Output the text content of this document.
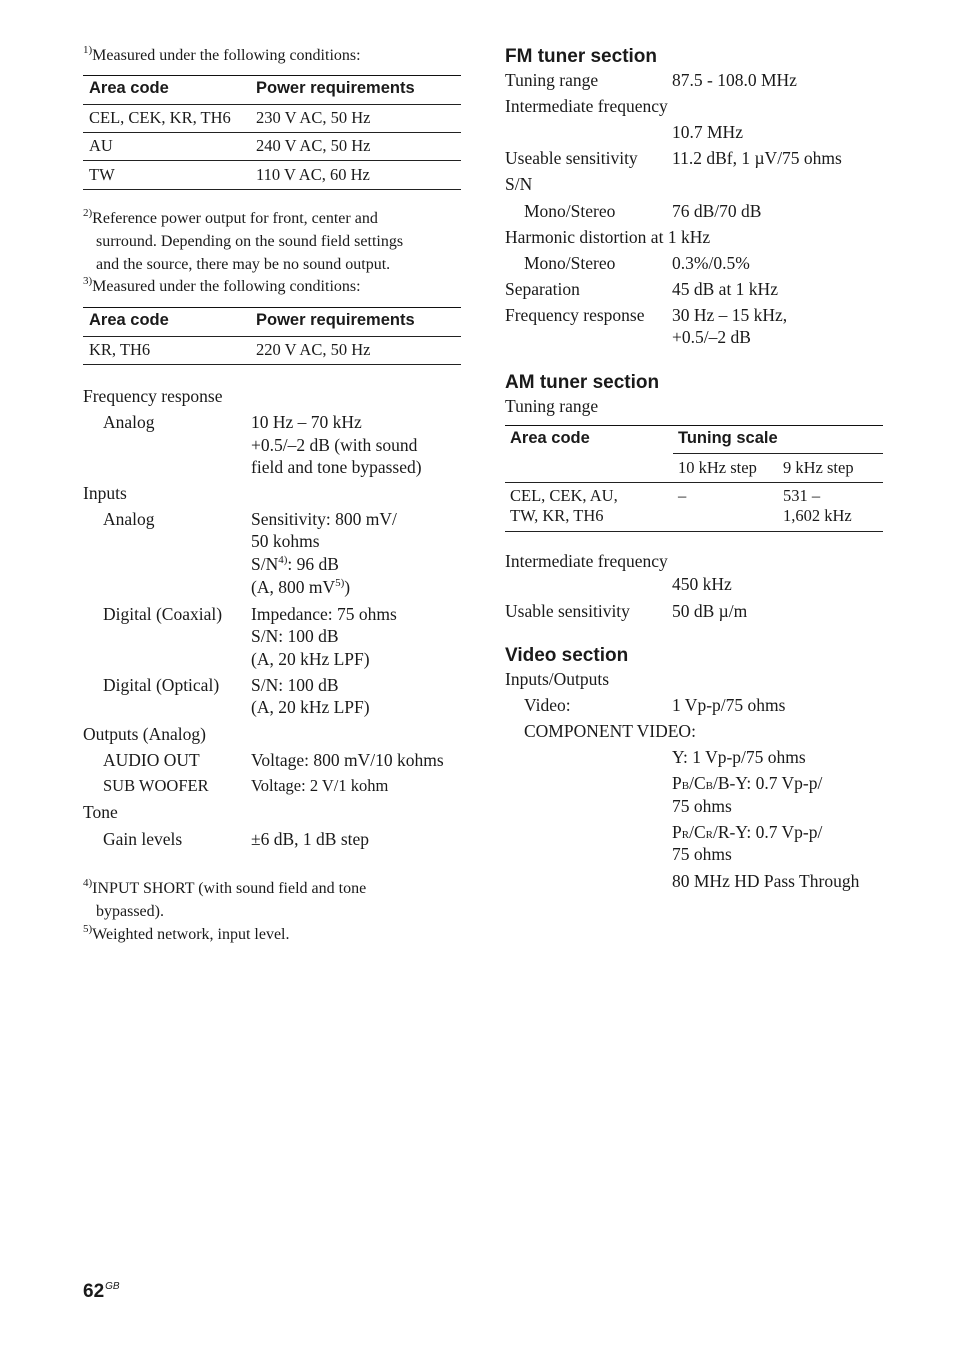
$^{1)}$Measured under the following conditions:
Area code	Power requirements
CEL, CEK, KR, TH6 230 V AC, 50 Hz
AU	240 V AC, 50 Hz
TW	110 V AC, 60 Hz
$^{2)}$Reference power output for front, center and
surround. Depending on the sound field settings
and the source, there may be no sound output.
$^{3)}$Measured under the following conditions:
Area code	Power requirements
KR, TH6	220 V AC, 50 Hz
Frequency response
Analog	10 Hz – 70 kHz
+0.5/–2 dB (with sound
field and tone bypassed)
Inputs
Analog	Sensitivity: 800 mV/
50 kohms
$S/N^{4)}$: 96 dB
(A, 800 $mV^{5)}$)
Digital (Coaxial) Impedance: 75 ohms
S/N: 100 dB
(A, 20 kHz LPF)
Digital (Optical) S/N: 100 dB
(A, 20 kHz LPF)
Outputs (Analog)
AUDIO OUT	Voltage: 800 mV/10 kohms
SUB WOOFER	Voltage: 2 V/1 kohm
Tone
Gain levels	±6 dB, 1 dB step
$^{4)}$INPUT SHORT (with sound field and tone
bypassed).
$^{5)}$Weighted network, input level.
FM tuner section
Tuning range	87.5 - 108.0 MHz
Intermediate frequency
10.7 MHz
Useable sensitivity 11.2 dBf, 1 µV/75 ohms
S/N
Mono/Stereo	76 dB/70 dB
Harmonic distortion at 1 kHz
Mono/Stereo	0.3%/0.5%
Separation	45 dB at 1 kHz
Frequency response 30 Hz – 15 kHz,
+0.5/–2 dB
AM tuner section
Tuning range
Area code	Tuning scale
10 kHz step 9 kHz step
CEL, CEK, AU,
TW, KR, TH6
–	531 –
1,602 kHz
Intermediate frequency
450 kHz
Usable sensitivity 50 dB µ/m
Video section
Inputs/Outputs
Video:	1 Vp-p/75 ohms
COMPONENT VIDEO:
Y: 1 Vp-p/75 ohms
PB/CB/B-Y: 0.7 Vp-p/
75 ohms
PR/CR/R-Y: 0.7 Vp-p/
75 ohms
80 MHz HD Pass Through
$62^{GB}$
